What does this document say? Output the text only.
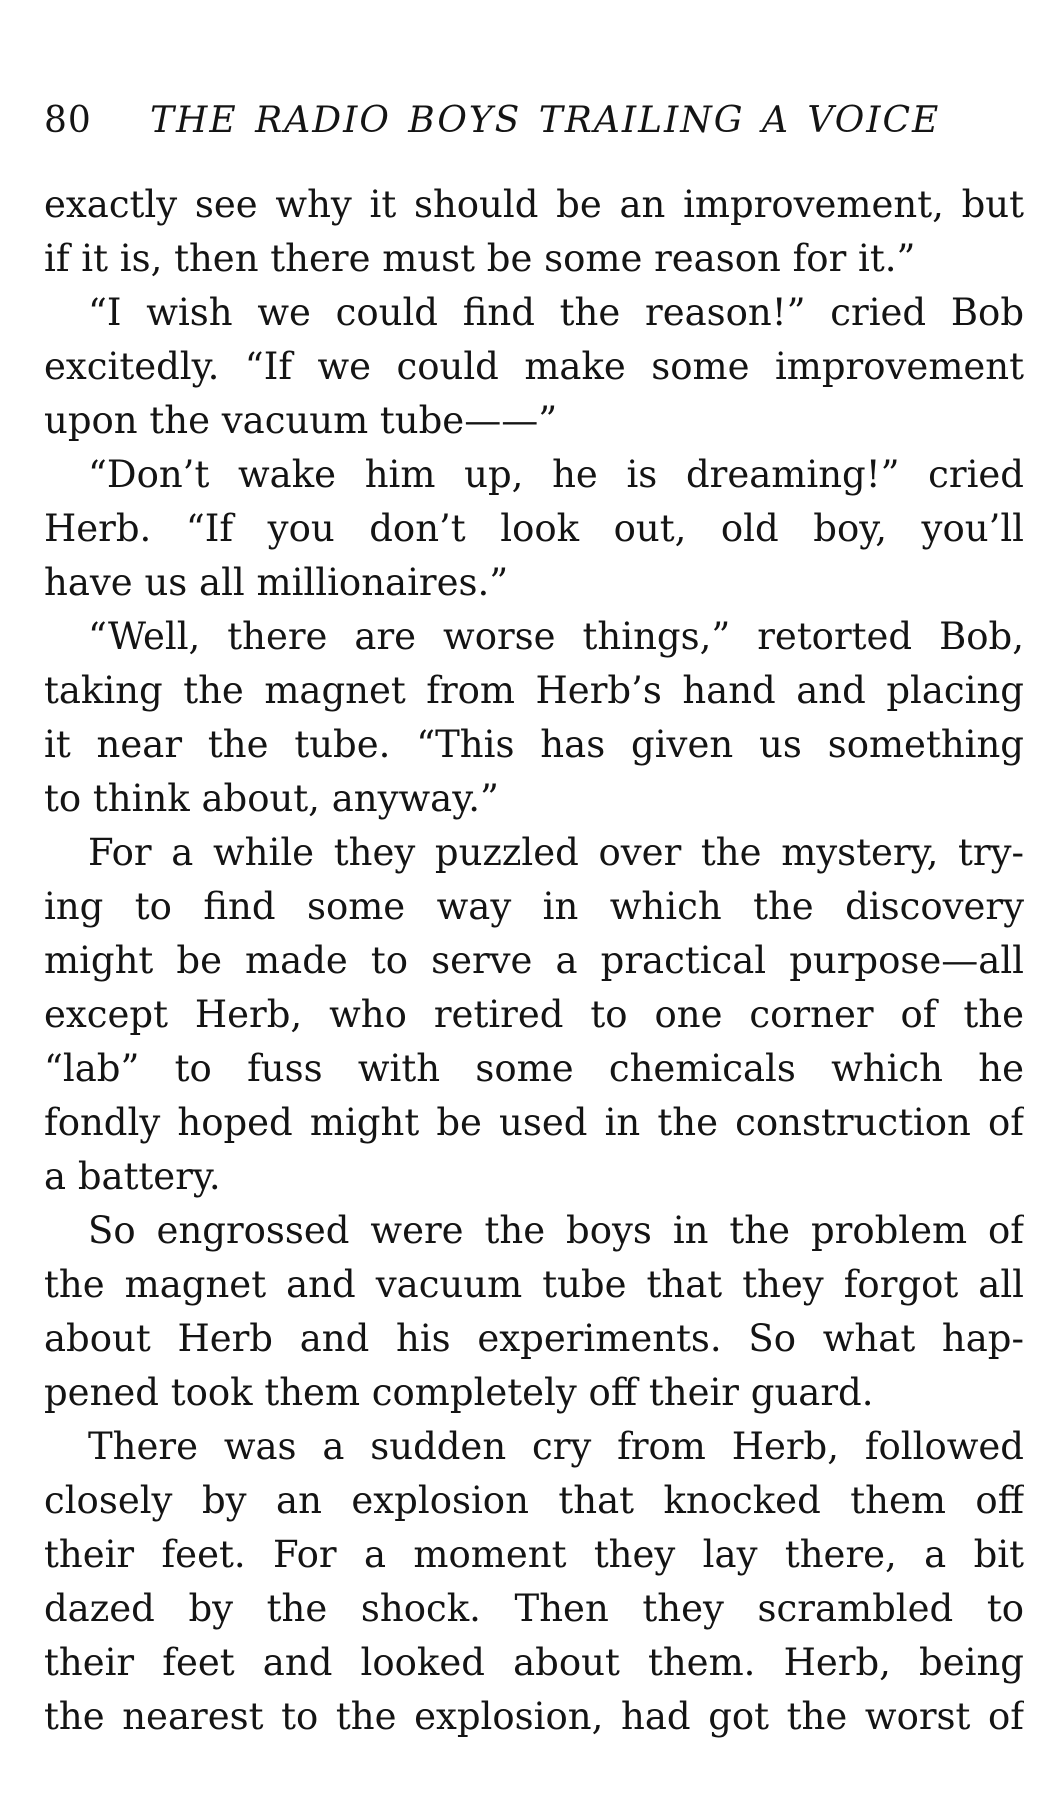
80 THE RADIO BOYS TRAILING A VOICE
exactly see why it should be an improvement, but
if it is, then there must be some reason for it.”
“I wish we could find the reason!” cried Bob
excitedly. “If we could make some improvement
upon the vacuum tube——”
“Don’t wake him up, he is dreaming!” cried
Herb. “If you don’t look out, old boy, you’ll
have us all millionaires.”
“Well, there are worse things,” retorted Bob,
taking the magnet from Herb’s hand and placing
it near the tube. “This has given us something
to think about, anyway.”
For a while they puzzled over the mystery, try-
ing to find some way in which the discovery
might be made to serve a practical purpose—all
except Herb, who retired to one corner of the
“lab” to fuss with some chemicals which he
fondly hoped might be used in the construction of
a battery.
So engrossed were the boys in the problem of
the magnet and vacuum tube that they forgot all
about Herb and his experiments. So what hap-
pened took them completely off their guard.
There was a sudden cry from Herb, followed
closely by an explosion that knocked them off
their feet. For a moment they lay there, a bit
dazed by the shock. Then they scrambled to
their feet and looked about them. Herb, being
the nearest to the explosion, had got the worst of
